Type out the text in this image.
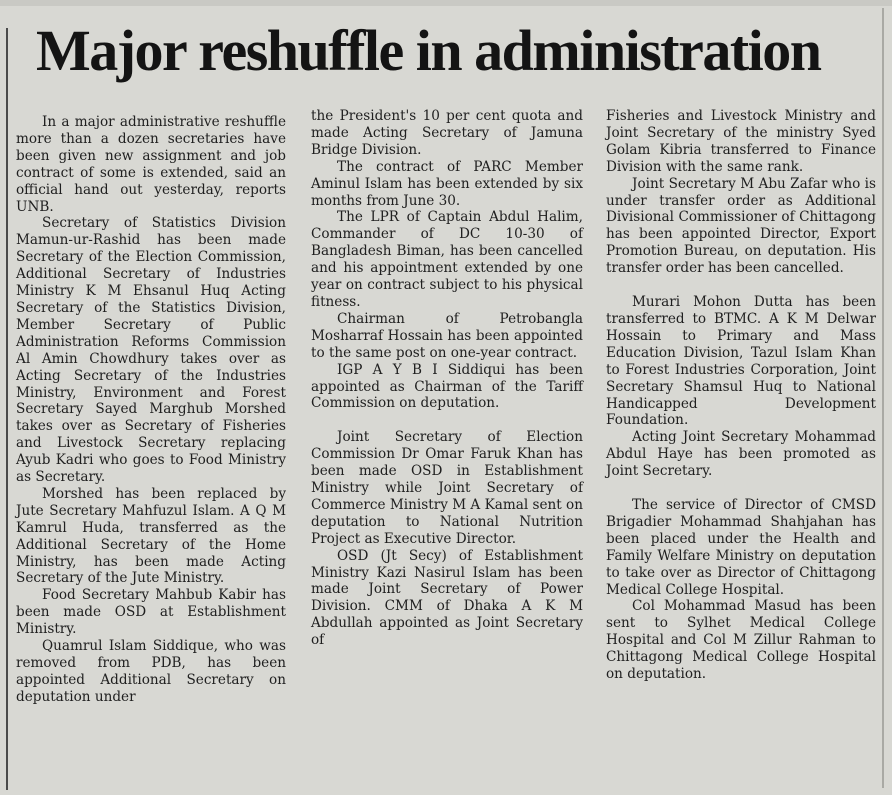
Major reshuffle in administration

In a major administrative reshuffle more than a dozen secretaries have been given new assignment and job contract of some is extended, said an official hand out yesterday, reports UNB.

Secretary of Statistics Division Mamun-ur-Rashid has been made Secretary of the Election Commission, Additional Secretary of Industries Ministry K M Ehsanul Huq Acting Secretary of the Statistics Division, Member Secretary of Public Administration Reforms Commission Al Amin Chowdhury takes over as Acting Secretary of the Industries Ministry, Environment and Forest Secretary Sayed Marghub Morshed takes over as Secretary of Fisheries and Livestock Secretary replacing Ayub Kadri who goes to Food Ministry as Secretary.

Morshed has been replaced by Jute Secretary Mahfuzul Islam. A Q M Kamrul Huda, transferred as the Additional Secretary of the Home Ministry, has been made Acting Secretary of the Jute Ministry.

Food Secretary Mahbub Kabir has been made OSD at Establishment Ministry.

Quamrul Islam Siddique, who was removed from PDB, has been appointed Additional Secretary on deputation under

the President's 10 per cent quota and made Acting Secretary of Jamuna Bridge Division.

The contract of PARC Member Aminul Islam has been extended by six months from June 30.

The LPR of Captain Abdul Halim, Commander of DC 10-30 of Bangladesh Biman, has been cancelled and his appointment extended by one year on contract subject to his physical fitness.

Chairman of Petrobangla Mosharraf Hossain has been appointed to the same post on one-year contract.

IGP A Y B I Siddiqui has been appointed as Chairman of the Tariff Commission on deputation.

Joint Secretary of Election Commission Dr Omar Faruk Khan has been made OSD in Establishment Ministry while Joint Secretary of Commerce Ministry M A Kamal sent on deputation to National Nutrition Project as Executive Director.

OSD (Jt Secy) of Establishment Ministry Kazi Nasirul Islam has been made Joint Secretary of Power Division. CMM of Dhaka A K M Abdullah appointed as Joint Secretary of

Fisheries and Livestock Ministry and Joint Secretary of the ministry Syed Golam Kibria transferred to Finance Division with the same rank.

Joint Secretary M Abu Zafar who is under transfer order as Additional Divisional Commissioner of Chittagong has been appointed Director, Export Promotion Bureau, on deputation. His transfer order has been cancelled.

Murari Mohon Dutta has been transferred to BTMC. A K M Delwar Hossain to Primary and Mass Education Division, Tazul Islam Khan to Forest Industries Corporation, Joint Secretary Shamsul Huq to National Handicapped Development Foundation.

Acting Joint Secretary Mohammad Abdul Haye has been promoted as Joint Secretary.

The service of Director of CMSD Brigadier Mohammad Shahjahan has been placed under the Health and Family Welfare Ministry on deputation to take over as Director of Chittagong Medical College Hospital.

Col Mohammad Masud has been sent to Sylhet Medical College Hospital and Col M Zillur Rahman to Chittagong Medical College Hospital on deputation.
